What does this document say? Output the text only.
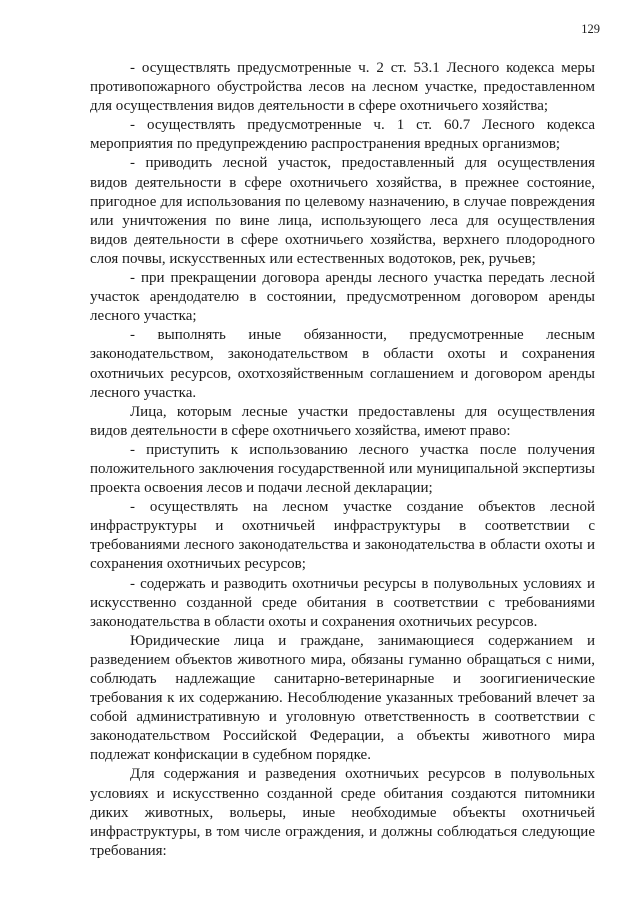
129

- осуществлять предусмотренные ч. 2 ст. 53.1 Лесного кодекса меры противопожарного обустройства лесов на лесном участке, предоставленном для осуществления видов деятельности в сфере охотничьего хозяйства;

- осуществлять предусмотренные ч. 1 ст. 60.7 Лесного кодекса мероприятия по предупреждению распространения вредных организмов;

- приводить лесной участок, предоставленный для осуществления видов деятельности в сфере охотничьего хозяйства, в прежнее состояние, пригодное для использования по целевому назначению, в случае повреждения или уничтожения по вине лица, использующего леса для осуществления видов деятельности в сфере охотничьего хозяйства, верхнего плодородного слоя почвы, искусственных или естественных водотоков, рек, ручьев;

- при прекращении договора аренды лесного участка передать лесной участок арендодателю в состоянии, предусмотренном договором аренды лесного участка;

- выполнять иные обязанности, предусмотренные лесным законодательством, законодательством в области охоты и сохранения охотничьих ресурсов, охотхозяйственным соглашением и договором аренды лесного участка.

Лица, которым лесные участки предоставлены для осуществления видов деятельности в сфере охотничьего хозяйства, имеют право:

- приступить к использованию лесного участка после получения положительного заключения государственной или муниципальной экспертизы проекта освоения лесов и подачи лесной декларации;

- осуществлять на лесном участке создание объектов лесной инфраструктуры и охотничьей инфраструктуры в соответствии с требованиями лесного законодательства и законодательства в области охоты и сохранения охотничьих ресурсов;

- содержать и разводить охотничьи ресурсы в полувольных условиях и искусственно созданной среде обитания в соответствии с требованиями законодательства в области охоты и сохранения охотничьих ресурсов.

Юридические лица и граждане, занимающиеся содержанием и разведением объектов животного мира, обязаны гуманно обращаться с ними, соблюдать надлежащие санитарно-ветеринарные и зоогигиенические требования к их содержанию. Несоблюдение указанных требований влечет за собой административную и уголовную ответственность в соответствии с законодательством Российской Федерации, а объекты животного мира подлежат конфискации в судебном порядке.

Для содержания и разведения охотничьих ресурсов в полувольных условиях и искусственно созданной среде обитания создаются питомники диких животных, вольеры, иные необходимые объекты охотничьей инфраструктуры, в том числе ограждения, и должны соблюдаться следующие требования:
